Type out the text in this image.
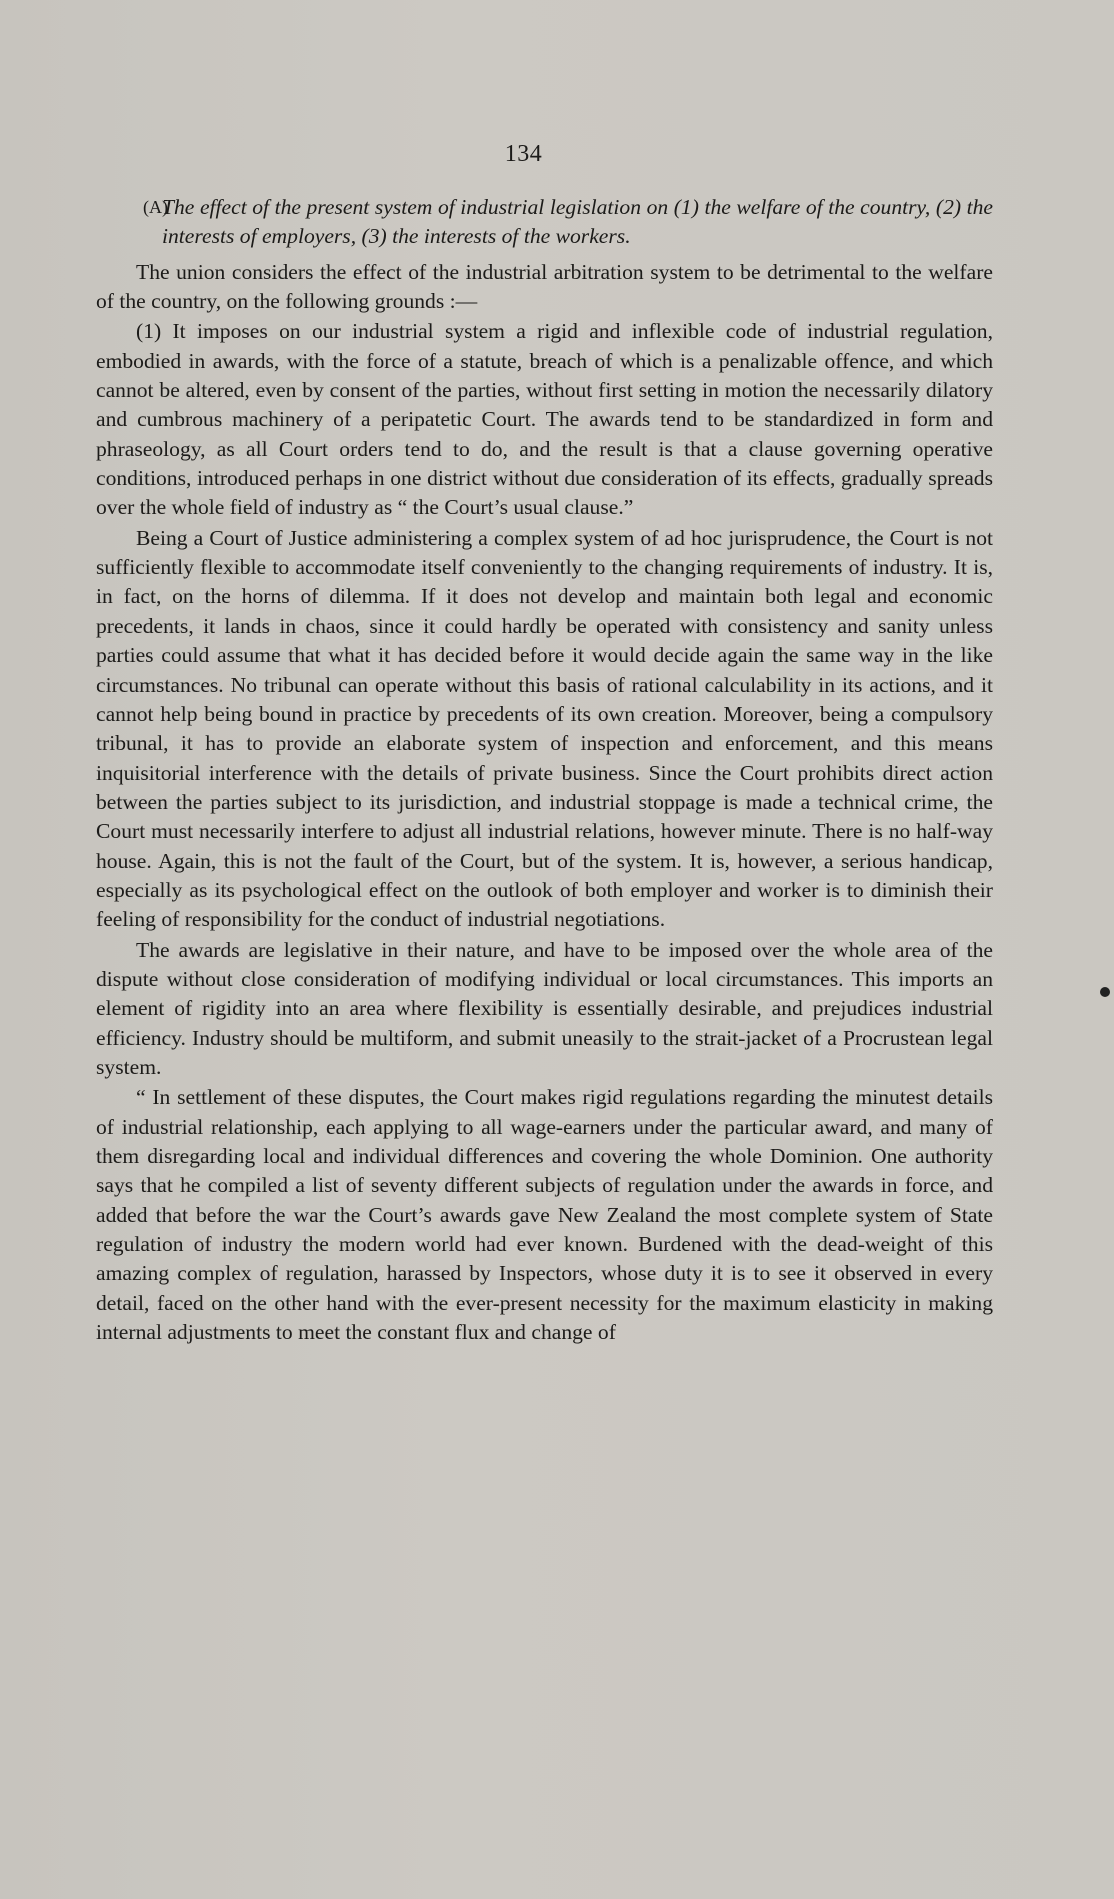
134
(A)
The effect of the present system of industrial legislation on (1) the welfare of the country, (2) the interests of employers, (3) the interests of the workers.

The union considers the effect of the industrial arbitration system to be detrimental to the welfare of the country, on the following grounds :—

(1) It imposes on our industrial system a rigid and inflexible code of industrial regulation, embodied in awards, with the force of a statute, breach of which is a penalizable offence, and which cannot be altered, even by consent of the parties, without first setting in motion the necessarily dilatory and cumbrous machinery of a peripatetic Court. The awards tend to be standardized in form and phraseology, as all Court orders tend to do, and the result is that a clause governing operative conditions, introduced perhaps in one district without due consideration of its effects, gradually spreads over the whole field of industry as “ the Court’s usual clause.”

Being a Court of Justice administering a complex system of ad hoc jurisprudence, the Court is not sufficiently flexible to accommodate itself conveniently to the changing requirements of industry. It is, in fact, on the horns of dilemma. If it does not develop and maintain both legal and economic precedents, it lands in chaos, since it could hardly be operated with consistency and sanity unless parties could assume that what it has decided before it would decide again the same way in the like circumstances. No tribunal can operate without this basis of rational calculability in its actions, and it cannot help being bound in practice by precedents of its own creation. Moreover, being a compulsory tribunal, it has to provide an elaborate system of inspection and enforcement, and this means inquisitorial interference with the details of private business. Since the Court prohibits direct action between the parties subject to its jurisdiction, and industrial stoppage is made a technical crime, the Court must necessarily interfere to adjust all industrial relations, however minute. There is no half-way house. Again, this is not the fault of the Court, but of the system. It is, however, a serious handicap, especially as its psychological effect on the outlook of both employer and worker is to diminish their feeling of responsibility for the conduct of industrial negotiations.

The awards are legislative in their nature, and have to be imposed over the whole area of the dispute without close consideration of modifying individual or local circumstances. This imports an element of rigidity into an area where flexibility is essentially desirable, and prejudices industrial efficiency. Industry should be multiform, and submit uneasily to the strait-jacket of a Procrustean legal system.

“ In settlement of these disputes, the Court makes rigid regulations regarding the minutest details of industrial relationship, each applying to all wage-earners under the particular award, and many of them disregarding local and individual differences and covering the whole Dominion. One authority says that he compiled a list of seventy different subjects of regulation under the awards in force, and added that before the war the Court’s awards gave New Zealand the most complete system of State regulation of industry the modern world had ever known. Burdened with the dead-weight of this amazing complex of regulation, harassed by Inspectors, whose duty it is to see it observed in every detail, faced on the other hand with the ever-present necessity for the maximum elasticity in making internal adjustments to meet the constant flux and change of
